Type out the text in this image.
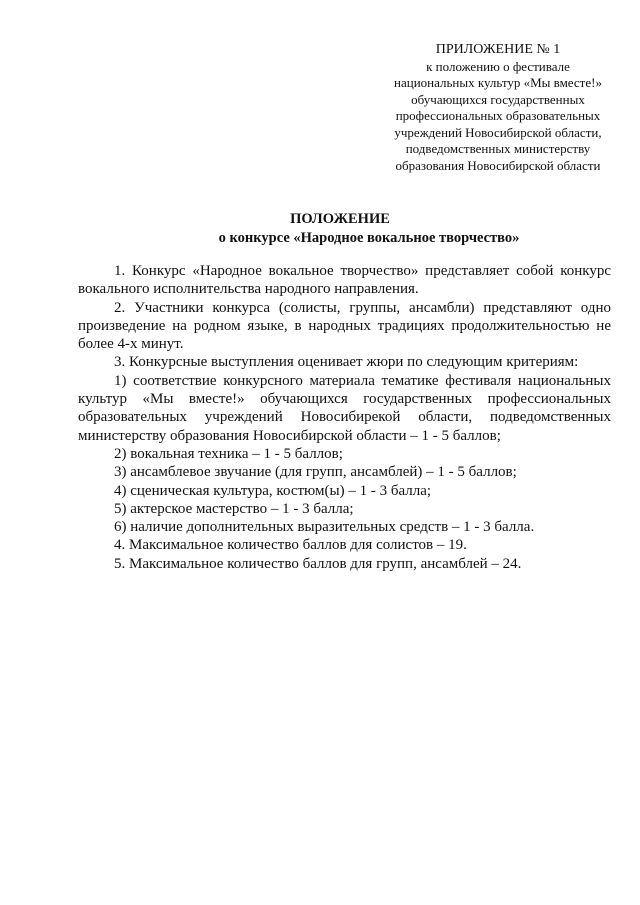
ПРИЛОЖЕНИЕ № 1
к положению о фестивале
национальных культур «Мы вместе!»
обучающихся государственных
профессиональных образовательных
учреждений Новосибирской области,
подведомственных министерству
образования Новосибирской области
ПОЛОЖЕНИЕ
о конкурсе «Народное вокальное творчество»

1. Конкурс «Народное вокальное творчество» представляет собой конкурс вокального исполнительства народного направления.

2. Участники конкурса (солисты, группы, ансамбли) представляют одно произведение на родном языке, в народных традициях продолжительностью не более 4-х минут.

3. Конкурсные выступления оценивает жюри по следующим критериям:

1) соответствие конкурсного материала тематике фестиваля национальных культур «Мы вместе!» обучающихся государственных профессиональных образовательных учреждений Новосибирекой области, подведомственных министерству образования Новосибирской области – 1 - 5 баллов;

2) вокальная техника – 1 - 5 баллов;

3) ансамблевое звучание (для групп, ансамблей) – 1 - 5 баллов;

4) сценическая культура, костюм(ы) – 1 - 3 балла;

5) актерское мастерство – 1 - 3 балла;

6) наличие дополнительных выразительных средств – 1 - 3 балла.

4. Максимальное количество баллов для солистов – 19.

5. Максимальное количество баллов для групп, ансамблей – 24.
